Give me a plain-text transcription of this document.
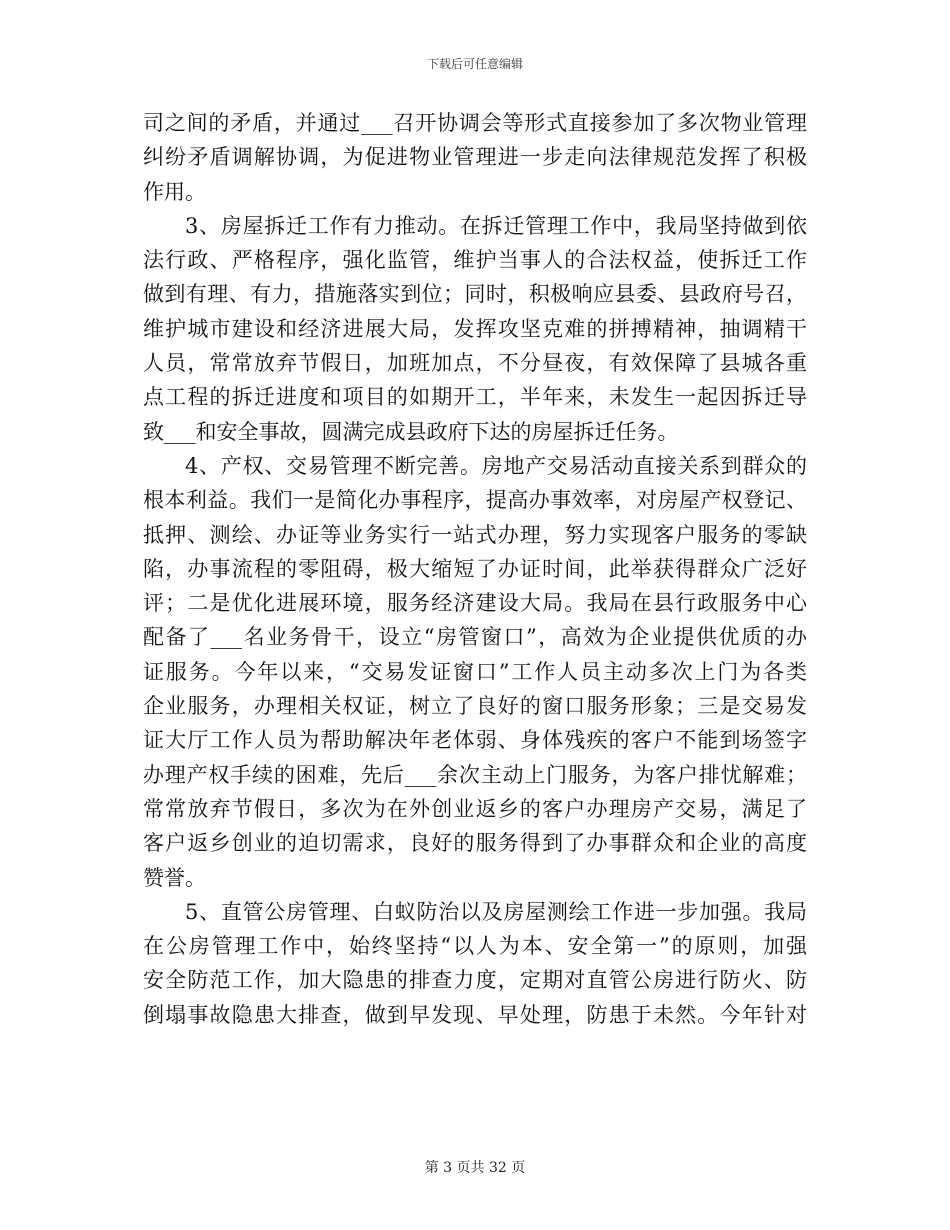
下载后可任意编辑
司之间的矛盾，并通过___召开协调会等形式直接参加了多次物业管理
纠纷矛盾调解协调，为促进物业管理进一步走向法律规范发挥了积极
作用。
3、房屋拆迁工作有力推动。在拆迁管理工作中，我局坚持做到依
法行政、严格程序，强化监管，维护当事人的合法权益，使拆迁工作
做到有理、有力，措施落实到位；同时，积极响应县委、县政府号召，
维护城市建设和经济进展大局，发挥攻坚克难的拼搏精神，抽调精干
人员，常常放弃节假日，加班加点，不分昼夜，有效保障了县城各重
点工程的拆迁进度和项目的如期开工，半年来，未发生一起因拆迁导
致___和安全事故，圆满完成县政府下达的房屋拆迁任务。
4、产权、交易管理不断完善。房地产交易活动直接关系到群众的
根本利益。我们一是简化办事程序，提高办事效率，对房屋产权登记、
抵押、测绘、办证等业务实行一站式办理，努力实现客户服务的零缺
陷，办事流程的零阻碍，极大缩短了办证时间，此举获得群众广泛好
评；二是优化进展环境，服务经济建设大局。我局在县行政服务中心
配备了___名业务骨干，设立“房管窗口”，高效为企业提供优质的办
证服务。今年以来，“交易发证窗口”工作人员主动多次上门为各类
企业服务，办理相关权证，树立了良好的窗口服务形象；三是交易发
证大厅工作人员为帮助解决年老体弱、身体残疾的客户不能到场签字
办理产权手续的困难，先后___余次主动上门服务，为客户排忧解难；
常常放弃节假日，多次为在外创业返乡的客户办理房产交易，满足了
客户返乡创业的迫切需求，良好的服务得到了办事群众和企业的高度
赞誉。
5、直管公房管理、白蚁防治以及房屋测绘工作进一步加强。我局
在公房管理工作中，始终坚持“以人为本、安全第一”的原则，加强
安全防范工作，加大隐患的排查力度，定期对直管公房进行防火、防
倒塌事故隐患大排查，做到早发现、早处理，防患于未然。今年针对
第 3 页共 32 页
